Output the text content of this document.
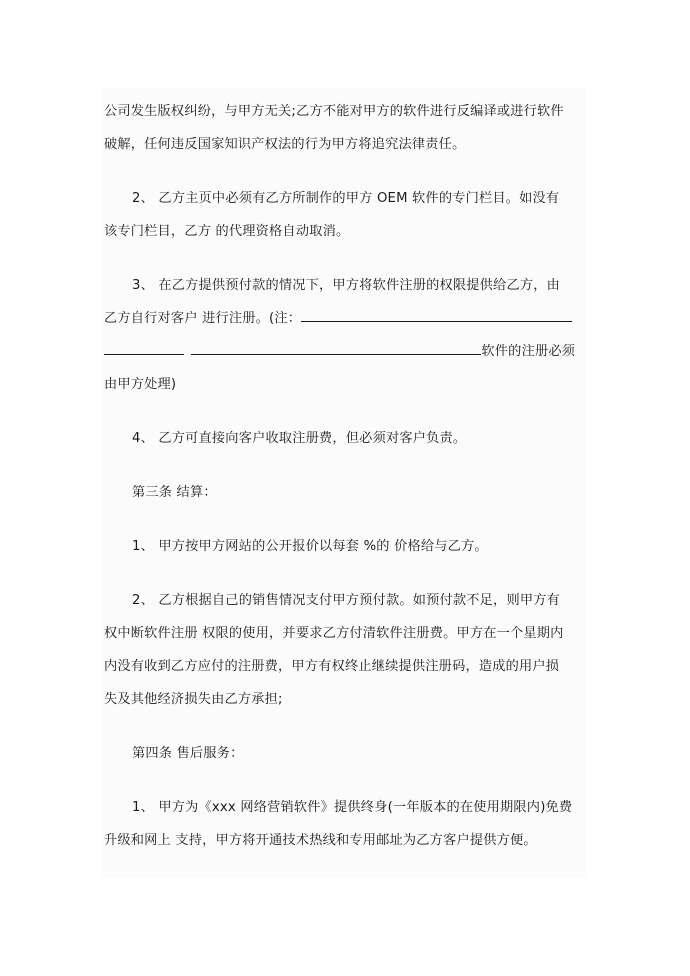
公司发生版权纠纷，与甲方无关;乙方不能对甲方的软件进行反编译或进行软件
破解，任何违反国家知识产权法的行为甲方将追究法律责任。

2、 乙方主页中必须有乙方所制作的甲方 OEM 软件的专门栏目。如没有
该专门栏目，乙方 的代理资格自动取消。

3、 在乙方提供预付款的情况下，甲方将软件注册的权限提供给乙方，由
乙方自行对客户 进行注册。(注：
软件的注册必须
由甲方处理)

4、 乙方可直接向客户收取注册费，但必须对客户负责。

第三条 结算：

1、 甲方按甲方网站的公开报价以每套 %的 价格给与乙方。

2、 乙方根据自己的销售情况支付甲方预付款。如预付款不足，则甲方有
权中断软件注册 权限的使用，并要求乙方付清软件注册费。甲方在一个星期内
内没有收到乙方应付的注册费，甲方有权终止继续提供注册码，造成的用户损
失及其他经济损失由乙方承担;

第四条 售后服务：

1、 甲方为《xxx 网络营销软件》提供终身(一年版本的在使用期限内)免费
升级和网上 支持，甲方将开通技术热线和专用邮址为乙方客户提供方便。
